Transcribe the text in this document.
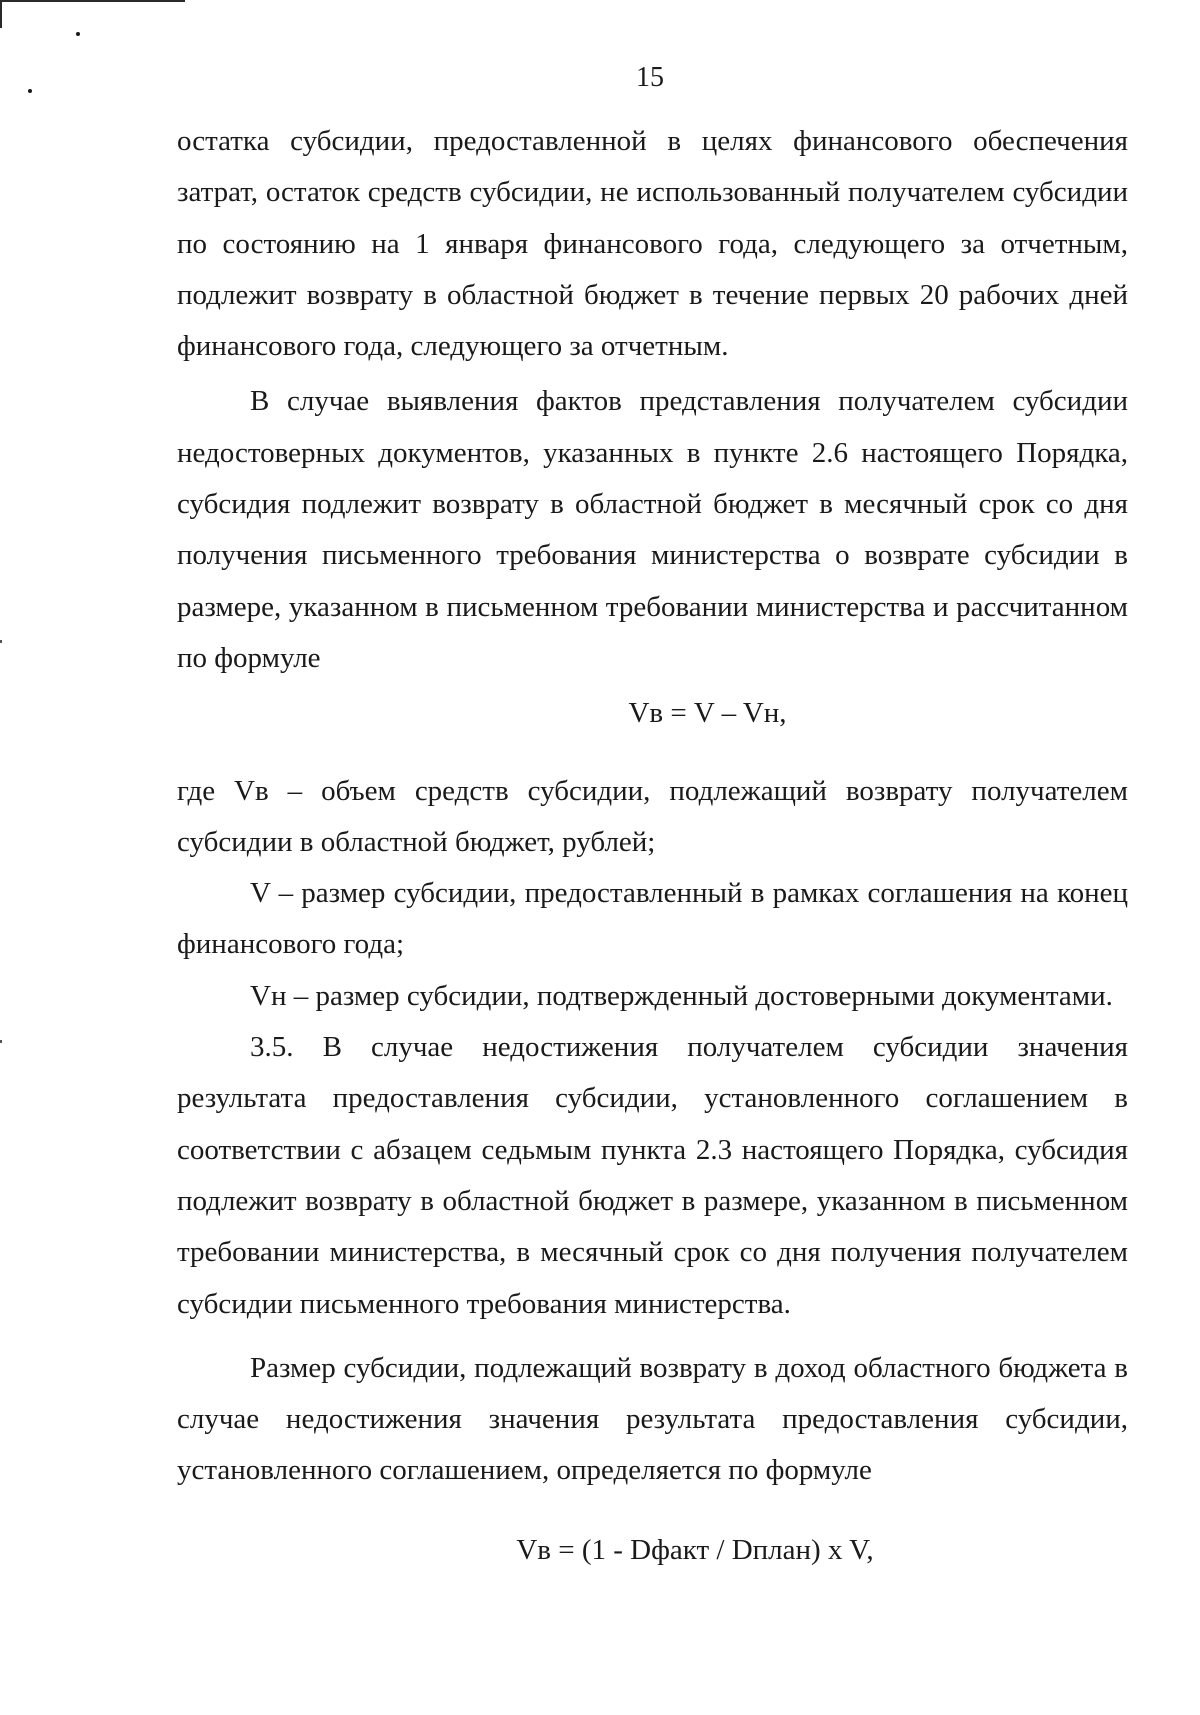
15

остатка субсидии, предоставленной в целях финансового обеспечения затрат, остаток средств субсидии, не использованный получателем субсидии по состоянию на 1 января финансового года, следующего за отчетным, подлежит возврату в областной бюджет в течение первых 20 рабочих дней финансового года, следующего за отчетным.

В случае выявления фактов представления получателем субсидии недостоверных документов, указанных в пункте 2.6 настоящего Порядка, субсидия подлежит возврату в областной бюджет в месячный срок со дня получения письменного требования министерства о возврате субсидии в размере, указанном в письменном требовании министерства и рассчитанном по формуле

Vв = V – Vн,

где Vв – объем средств субсидии, подлежащий возврату получателем субсидии в областной бюджет, рублей;

V – размер субсидии, предоставленный в рамках соглашения на конец финансового года;

Vн – размер субсидии, подтвержденный достоверными документами.

3.5. В случае недостижения получателем субсидии значения результата предоставления субсидии, установленного соглашением в соответствии с абзацем седьмым пункта 2.3 настоящего Порядка, субсидия подлежит возврату в областной бюджет в размере, указанном в письменном требовании министерства, в месячный срок со дня получения получателем субсидии письменного требования министерства.

Размер субсидии, подлежащий возврату в доход областного бюджета в случае недостижения значения результата предоставления субсидии, установленного соглашением, определяется по формуле

Vв = (1 - Dфакт / Dплан) x V,
